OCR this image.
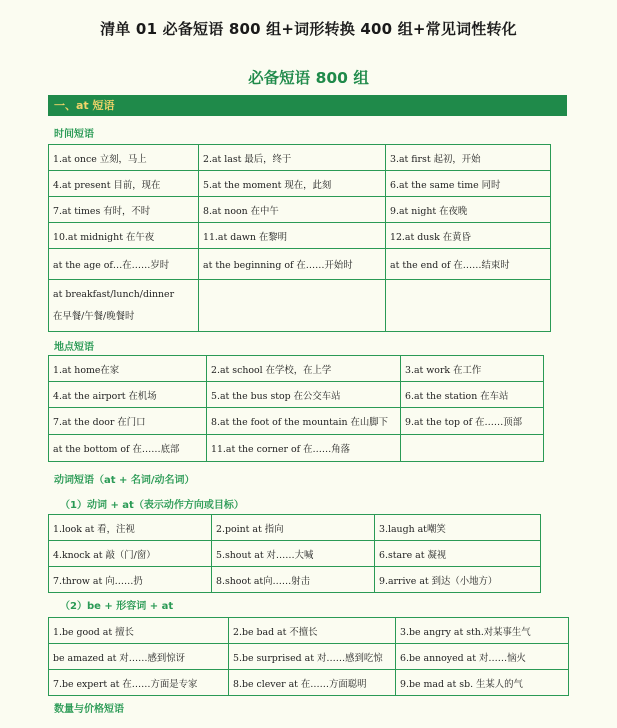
清单 01 必备短语 800 组+词形转换 400 组+常见词性转化
必备短语 800 组
一、at 短语
时间短语
1.at once 立刻，马上	2.at last 最后，终于	3.at first 起初，开始
4.at present 目前，现在	5.at the moment 现在，此刻	6.at the same time 同时
7.at times 有时，不时	8.at noon 在中午	9.at night 在夜晚
10.at midnight 在午夜	11.at dawn 在黎明	12.at dusk 在黄昏
at the age of…在……岁时	at the beginning of 在……开始时	at the end of 在……结束时

at breakfast/lunch/dinner
在早餐/午餐/晚餐时		

地点短语
1.at home在家	2.at school 在学校，在上学	3.at work 在工作
4.at the airport 在机场	5.at the bus stop 在公交车站	6.at the station 在车站
7.at the door 在门口	8.at the foot of the mountain 在山脚下	9.at the top of 在……顶部
at the bottom of 在……底部	11.at the corner of 在……角落	
动词短语（at + 名词/动名词）
（1）动词 + at（表示动作方向或目标）
1.look at 看，注视	2.point at 指向	3.laugh at嘲笑
4.knock at 敲（门/窗）	5.shout at 对……大喊	6.stare at 凝视
7.throw at 向……扔	8.shoot at向……射击	9.arrive at 到达（小地方）
（2）be + 形容词 + at
1.be good at 擅长	2.be bad at 不擅长	3.be angry at sth.对某事生气
be amazed at 对……感到惊讶	5.be surprised at 对……感到吃惊	6.be annoyed at 对……恼火
7.be expert at 在……方面是专家	8.be clever at 在……方面聪明	9.be mad at sb. 生某人的气
数量与价格短语
